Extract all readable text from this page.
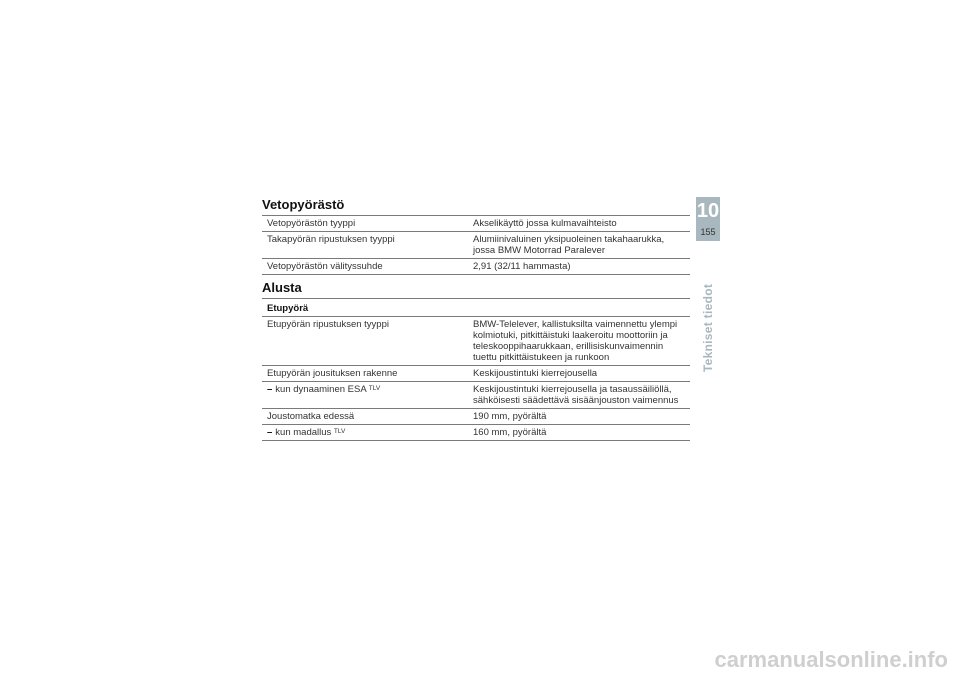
Vetopyörästö
Vetopyörästön tyyppi	Akselikäyttö jossa kulmavaihteisto
Takapyörän ripustuksen tyyppi	Alumiinivaluinen yksipuoleinen takahaarukka, jossa BMW Motorrad Paralever
Vetopyörästön välityssuhde	2,91 (32/11 hammasta)
Alusta
Etupyörä
Etupyörän ripustuksen tyyppi	BMW-Telelever, kallistuksilta vaimennettu ylempi kolmiotuki, pitkittäistuki laakeroitu moottoriin ja teleskooppihaarukkaan, erillisiskunvaimennin tuettu pitkittäistukeen ja runkoon
Etupyörän jousituksen rakenne	Keskijoustintuki kierrejousella
– kun dynaaminen ESA $^{TLV}$	Keskijoustintuki kierrejousella ja tasaussäiliöllä, sähköisesti säädettävä sisäänjouston vaimennus
Joustomatka edessä	190 mm, pyörältä
– kun madallus $^{TLV}$	160 mm, pyörältä
10
155
Tekniset tiedot
carmanualsonline.info
